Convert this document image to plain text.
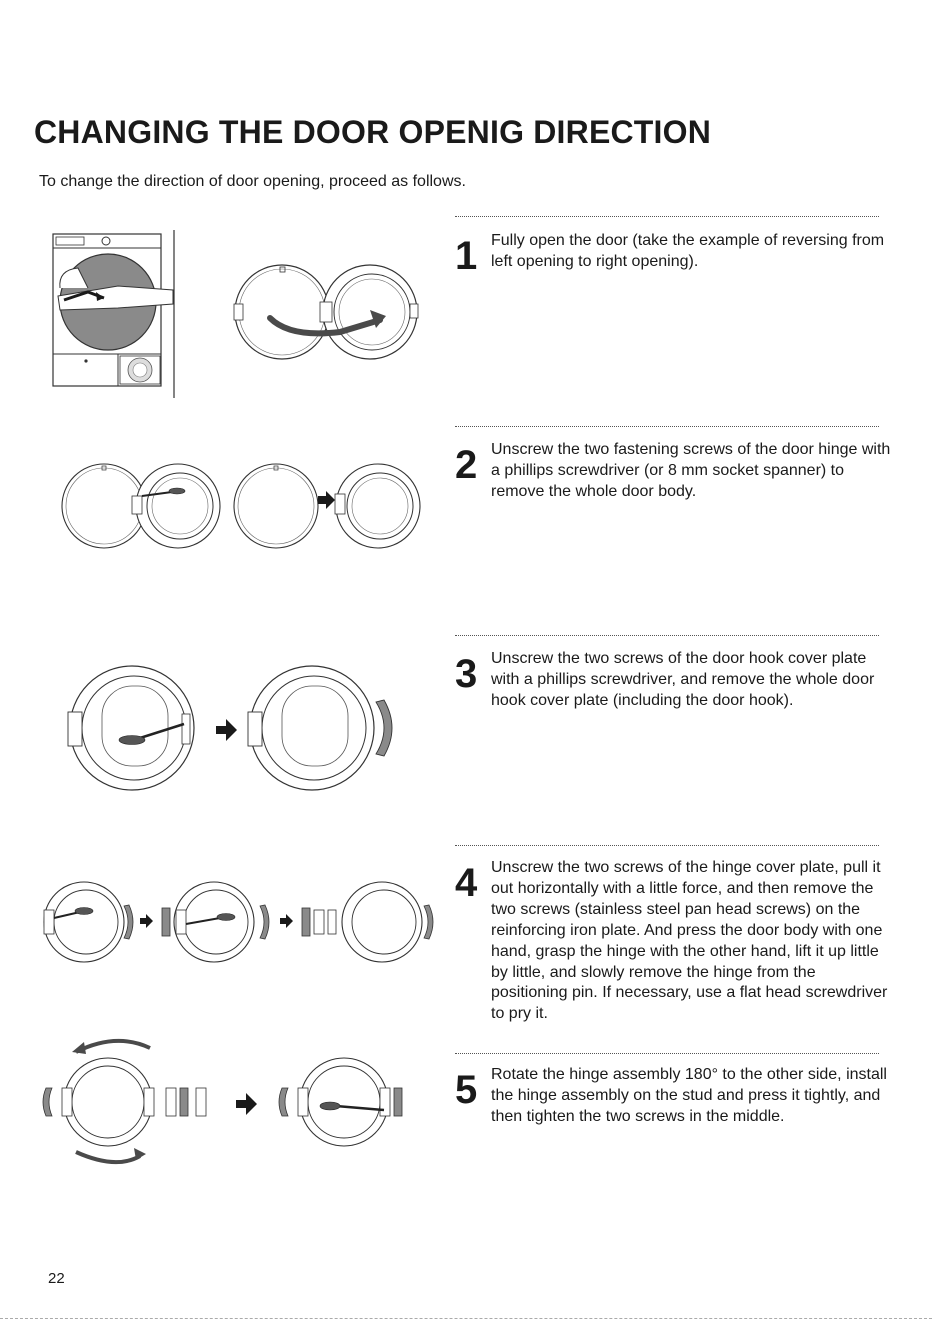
CHANGING THE DOOR OPENIG DIRECTION
To change the direction of door opening, proceed as follows.
1 Fully open the door (take the example of reversing from left opening to right opening).
2 Unscrew the two fastening screws of the door hinge with a phillips screwdriver (or 8 mm socket spanner) to remove the whole door body.
3 Unscrew the two screws of the door hook cover plate with a phillips screwdriver, and remove the whole door hook cover plate (including the door hook).
4 Unscrew the two screws of the hinge cover plate, pull it out horizontally with a little force, and then remove the two screws (stainless steel pan head screws) on the reinforcing iron plate. And press the door body with one hand, grasp the hinge with the other hand, lift it up little by little, and slowly remove the hinge from the positioning pin. If necessary, use a flat head screwdriver to pry it.
5 Rotate the hinge assembly 180° to the other side, install the hinge assembly on the stud and press it tightly, and then tighten the two screws in the middle.
22
